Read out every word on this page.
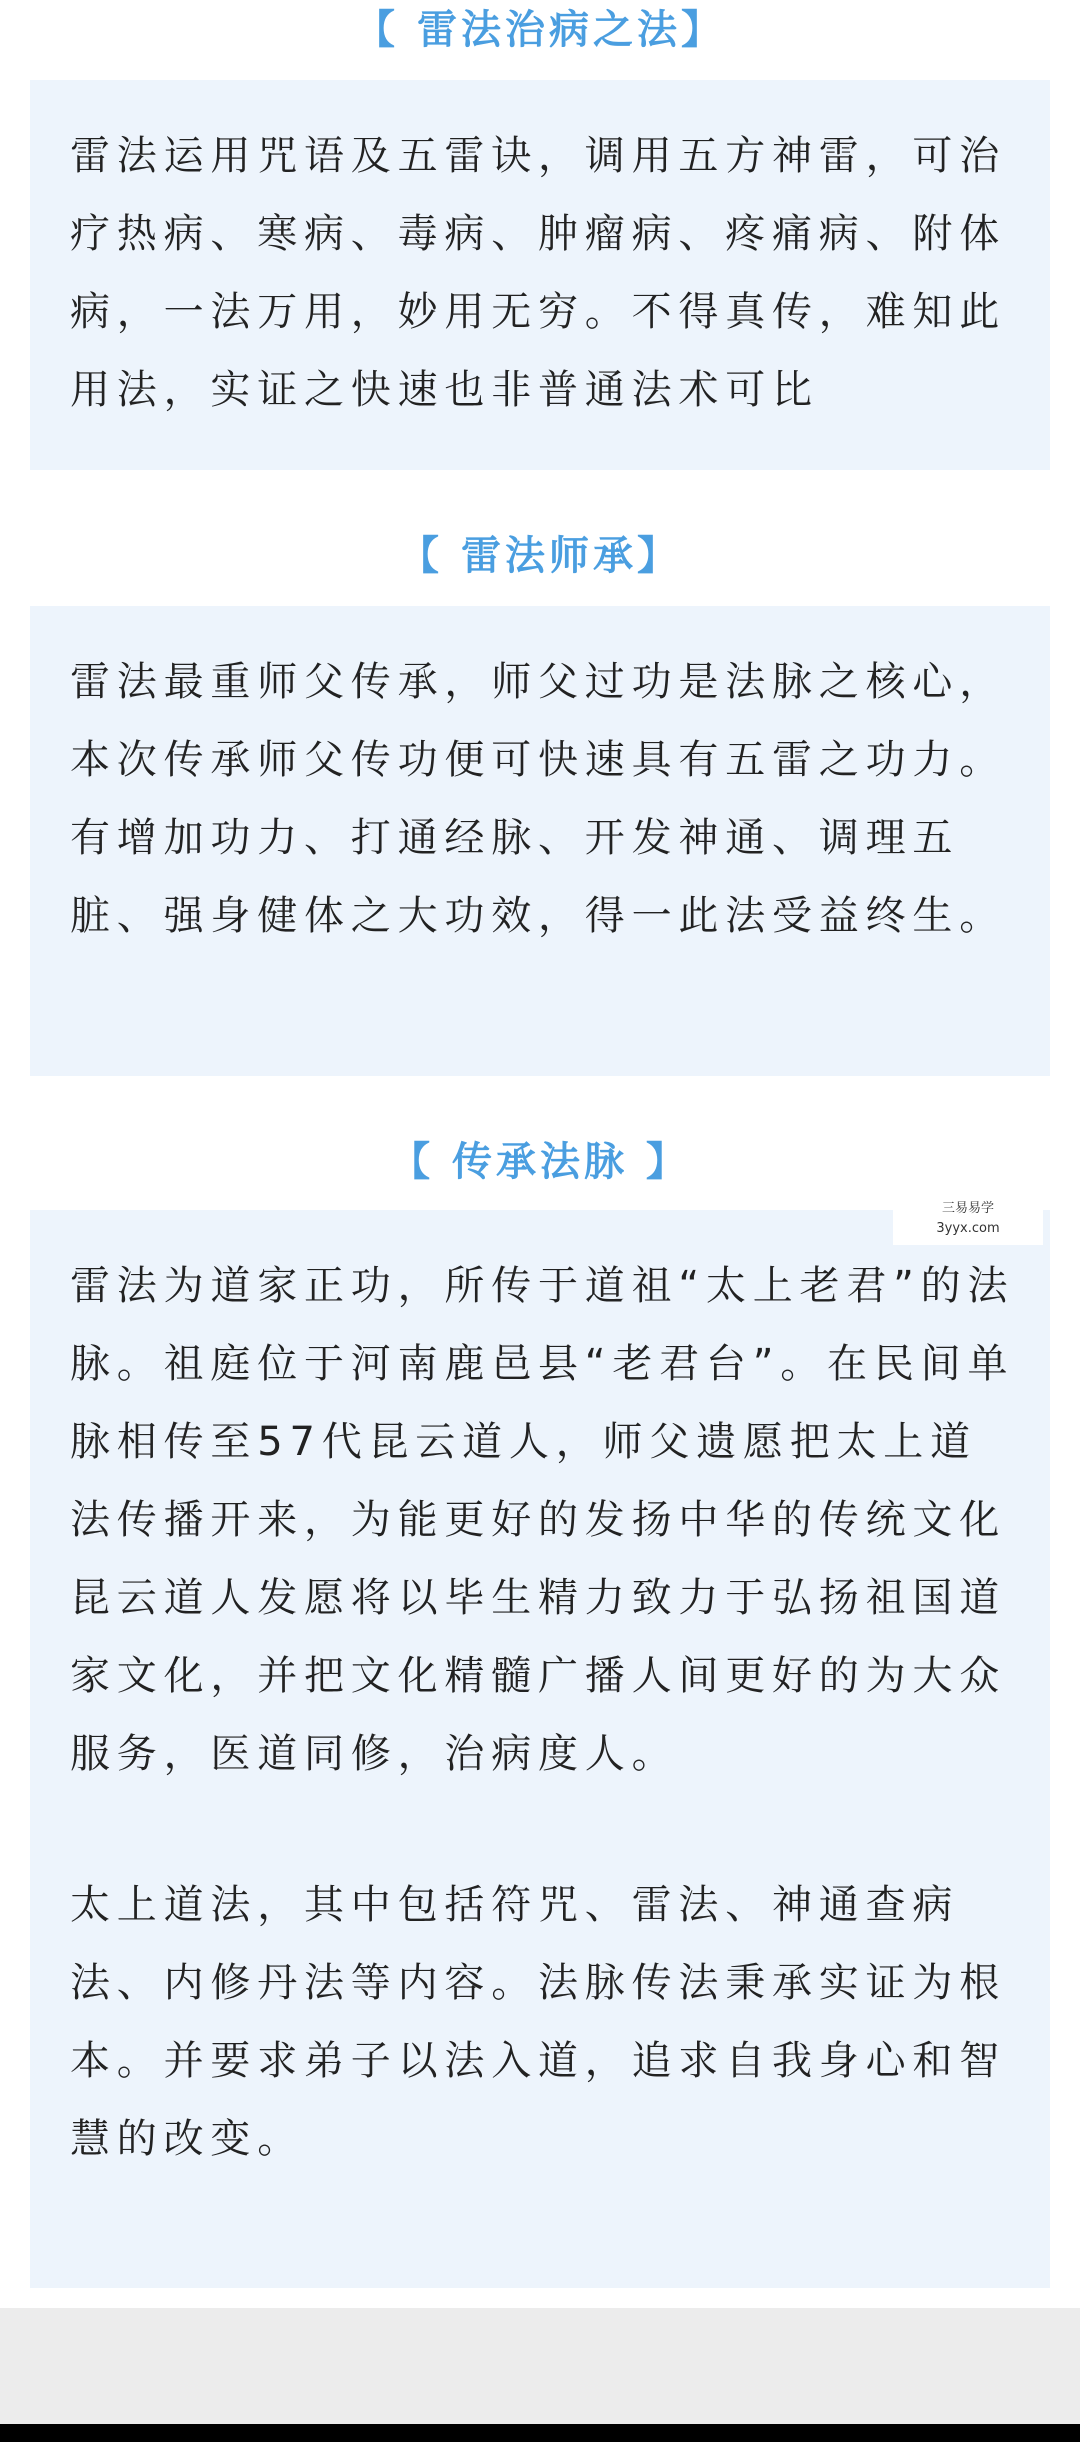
【 雷法治病之法】
雷法运用咒语及五雷诀，调用五方神雷，可治疗热病、寒病、毒病、肿瘤病、疼痛病、附体病，一法万用，妙用无穷。不得真传，难知此用法，实证之快速也非普通法术可比
【 雷法师承】
雷法最重师父传承，师父过功是法脉之核心，本次传承师父传功便可快速具有五雷之功力。有增加功力、打通经脉、开发神通、调理五脏、强身健体之大功效，得一此法受益终生。
【 传承法脉 】
雷法为道家正功，所传于道祖“太上老君”的法脉。祖庭位于河南鹿邑县“老君台”。在民间单脉相传至57代昆云道人，师父遗愿把太上道法传播开来，为能更好的发扬中华的传统文化昆云道人发愿将以毕生精力致力于弘扬祖国道家文化，并把文化精髓广播人间更好的为大众服务，医道同修，治病度人。
太上道法，其中包括符咒、雷法、神通查病法、内修丹法等内容。法脉传法秉承实证为根本。并要求弟子以法入道，追求自我身心和智慧的改变。
三易易学
3yyx.com
